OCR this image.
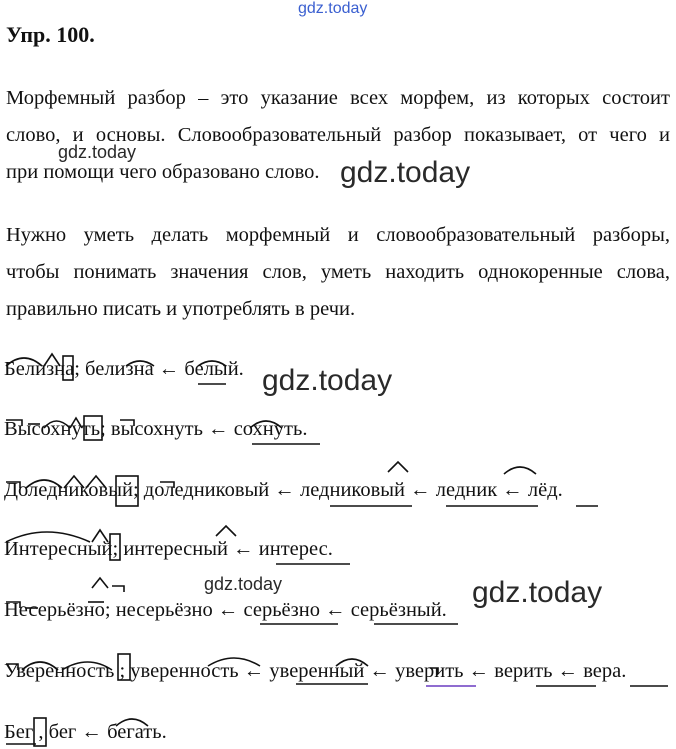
gdz.today
Упр. 100.
Морфемный разбор – это указание всех морфем, из которых состоит
слово, и основы. Словообразовательный разбор показывает, от чего и
при помощи чего образовано слово.
gdz.today
gdz.today
Нужно уметь делать морфемный и словообразовательный разборы,
чтобы понимать значения слов, уметь находить однокоренные слова,
правильно писать и употреблять в речи.
Белизна; белизна ← белый. gdz.today
Высохнуть; высохнуть ← сохнуть.
Доледниковый; доледниковый ← ледниковый ← ледник ← лёд.
Интересный; интересный ← интерес.
gdz.today	gdz.today
Несерьёзно; несерьёзно ← серьёзно ← серьёзный.
Уверенность ; уверенность ← уверенный ← уверить ← верить ← вера.
Бег , бег ← бегать.
